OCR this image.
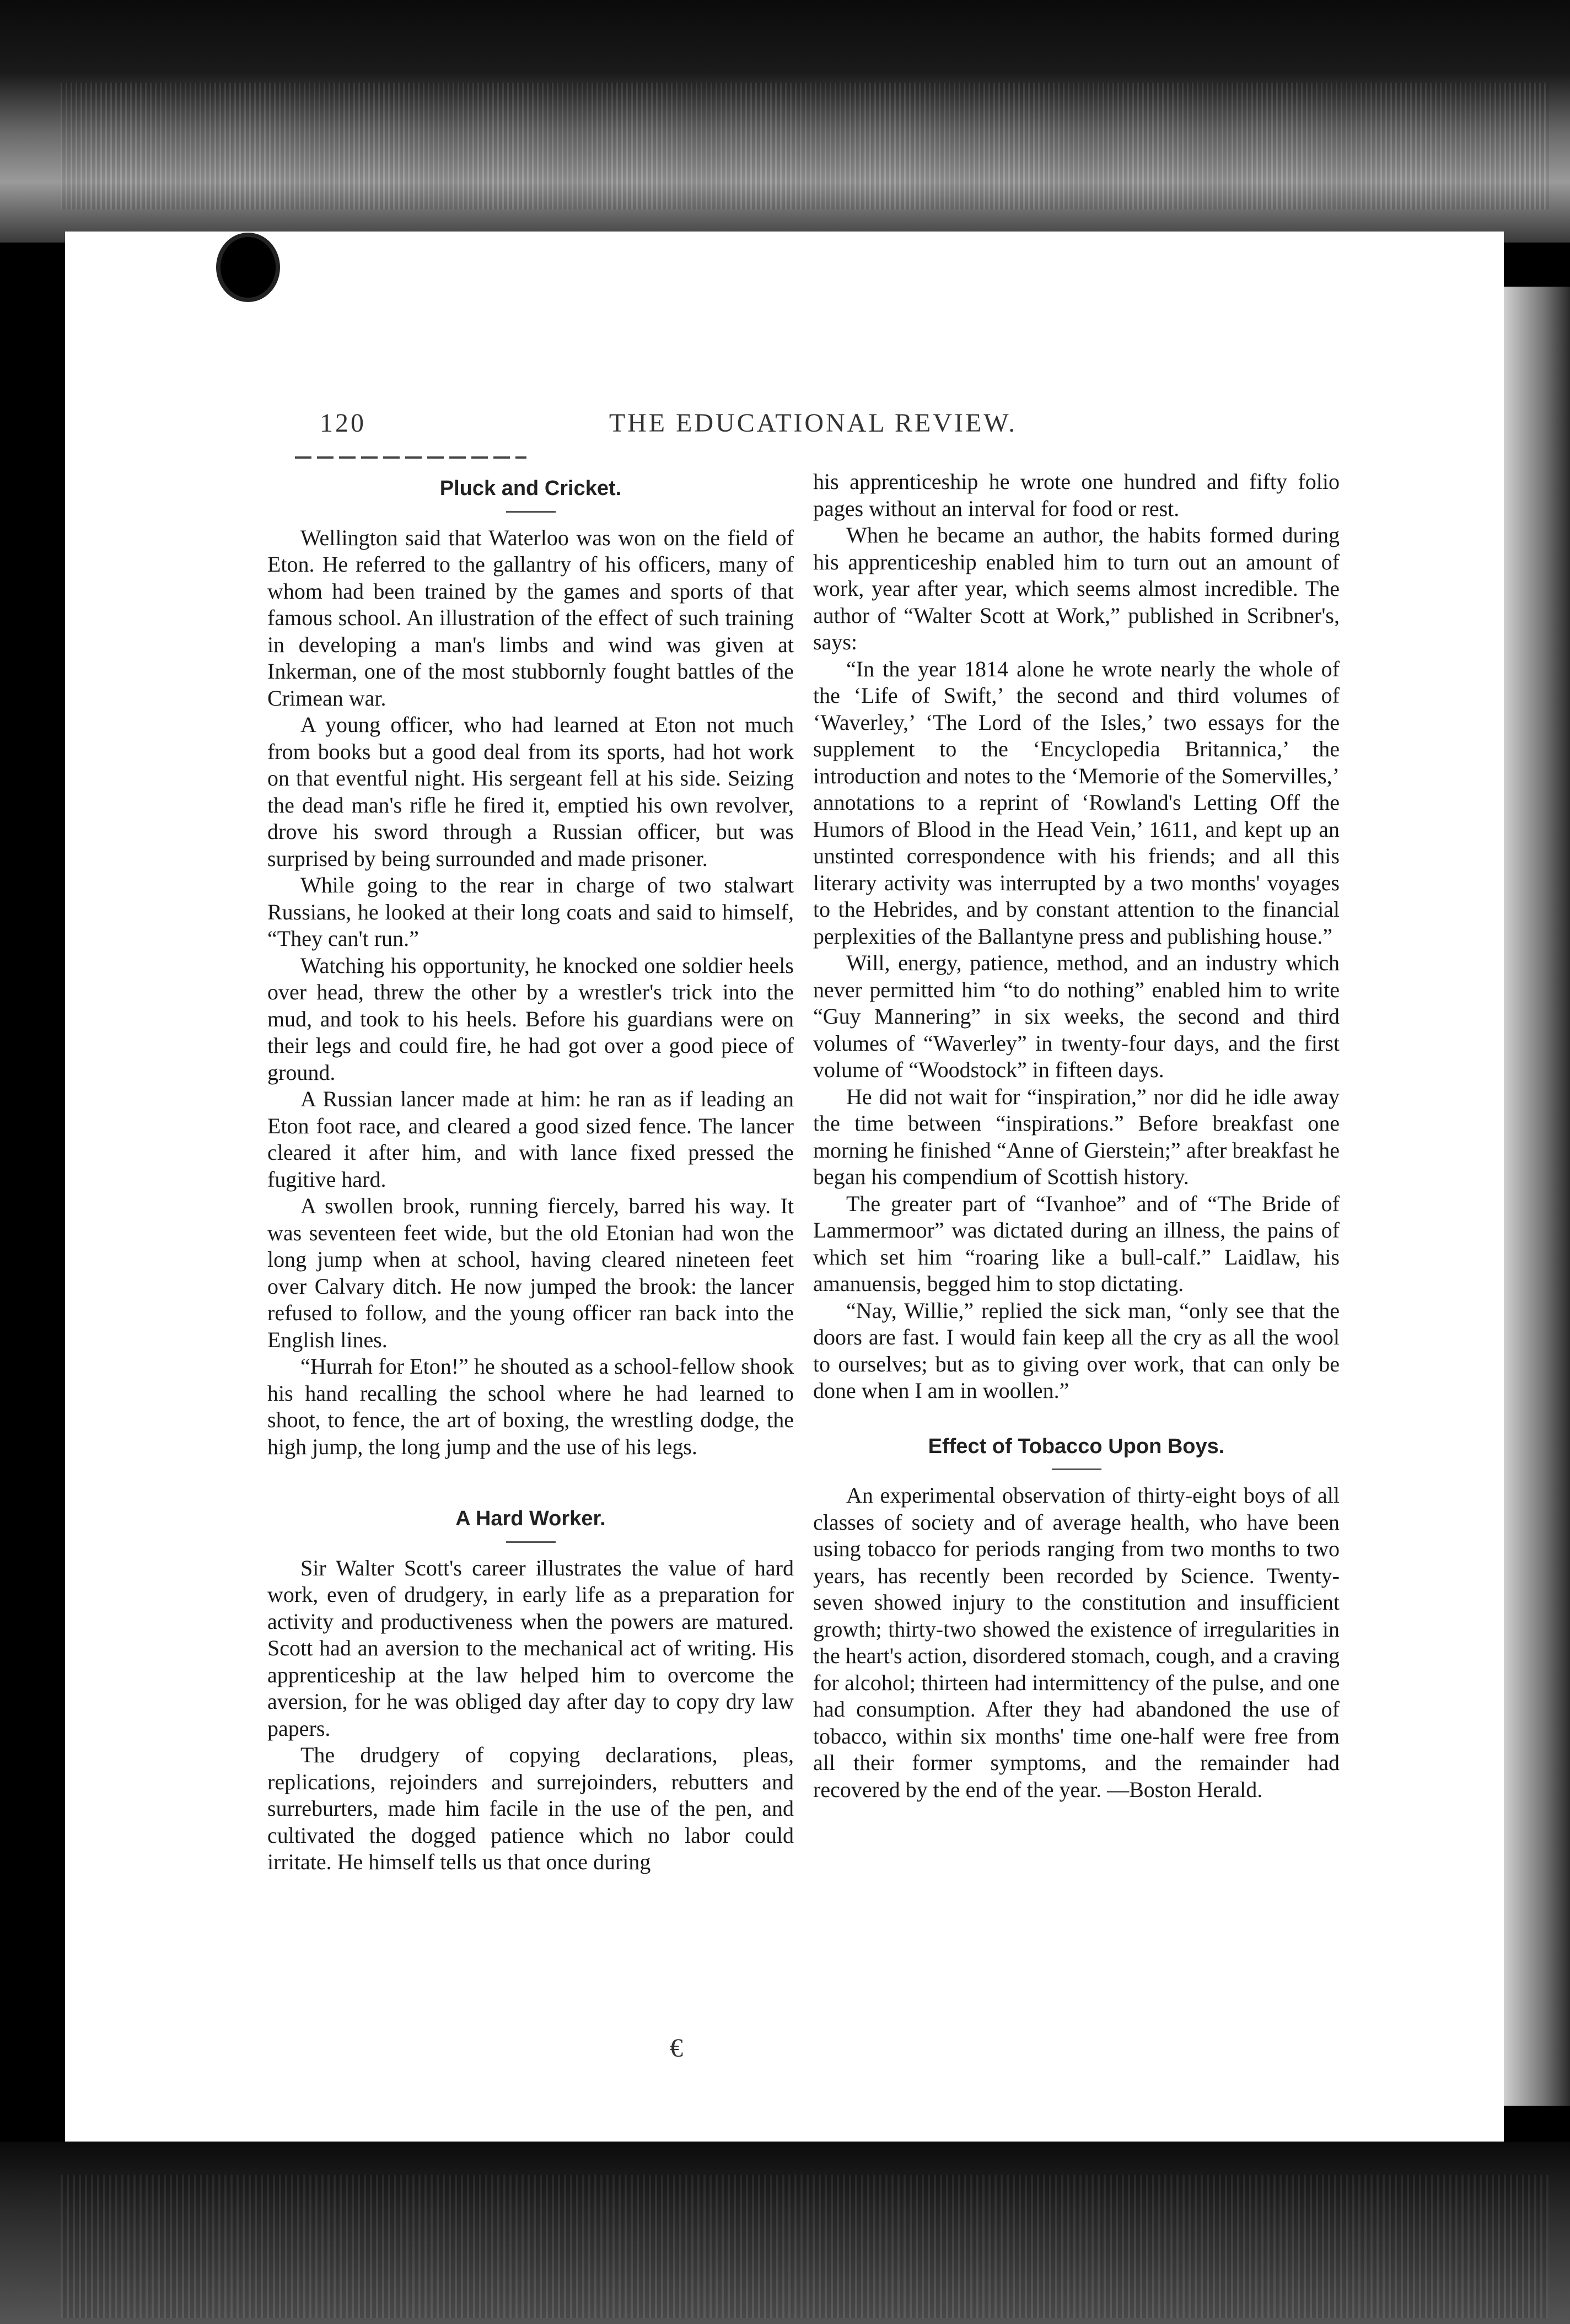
120	THE EDUCATIONAL REVIEW.
Pluck and Cricket.

Wellington said that Waterloo was won on the field of Eton. He referred to the gallantry of his officers, many of whom had been trained by the games and sports of that famous school. An illustration of the effect of such training in developing a man's limbs and wind was given at Inkerman, one of the most stubbornly fought battles of the Crimean war.

A young officer, who had learned at Eton not much from books but a good deal from its sports, had hot work on that eventful night. His sergeant fell at his side. Seizing the dead man's rifle he fired it, emptied his own revolver, drove his sword through a Russian officer, but was surprised by being surrounded and made prisoner.

While going to the rear in charge of two stalwart Russians, he looked at their long coats and said to himself, “They can't run.”

Watching his opportunity, he knocked one soldier heels over head, threw the other by a wrestler's trick into the mud, and took to his heels. Before his guardians were on their legs and could fire, he had got over a good piece of ground.

A Russian lancer made at him: he ran as if leading an Eton foot race, and cleared a good sized fence. The lancer cleared it after him, and with lance fixed pressed the fugitive hard.

A swollen brook, running fiercely, barred his way. It was seventeen feet wide, but the old Etonian had won the long jump when at school, having cleared nineteen feet over Calvary ditch. He now jumped the brook: the lancer refused to follow, and the young officer ran back into the English lines.

“Hurrah for Eton!” he shouted as a school-fellow shook his hand recalling the school where he had learned to shoot, to fence, the art of boxing, the wrestling dodge, the high jump, the long jump and the use of his legs.

A Hard Worker.

Sir Walter Scott's career illustrates the value of hard work, even of drudgery, in early life as a preparation for activity and productiveness when the powers are matured. Scott had an aversion to the mechanical act of writing. His apprenticeship at the law helped him to overcome the aversion, for he was obliged day after day to copy dry law papers.

The drudgery of copying declarations, pleas, replications, rejoinders and surrejoinders, rebutters and surreburters, made him facile in the use of the pen, and cultivated the dogged patience which no labor could irritate. He himself tells us that once during

his apprenticeship he wrote one hundred and fifty folio pages without an interval for food or rest.

When he became an author, the habits formed during his apprenticeship enabled him to turn out an amount of work, year after year, which seems almost incredible. The author of “Walter Scott at Work,” published in Scribner's, says:

“In the year 1814 alone he wrote nearly the whole of the ‘Life of Swift,’ the second and third volumes of ‘Waverley,’ ‘The Lord of the Isles,’ two essays for the supplement to the ‘Encyclopedia Britannica,’ the introduction and notes to the ‘Memorie of the Somervilles,’ annotations to a reprint of ‘Rowland's Letting Off the Humors of Blood in the Head Vein,’ 1611, and kept up an unstinted correspondence with his friends; and all this literary activity was interrupted by a two months' voyages to the Hebrides, and by constant attention to the financial perplexities of the Ballantyne press and publishing house.”

Will, energy, patience, method, and an industry which never permitted him “to do nothing” enabled him to write “Guy Mannering” in six weeks, the second and third volumes of “Waverley” in twenty-four days, and the first volume of “Woodstock” in fifteen days.

He did not wait for “inspiration,” nor did he idle away the time between “inspirations.” Before breakfast one morning he finished “Anne of Gierstein;” after breakfast he began his compendium of Scottish history.

The greater part of “Ivanhoe” and of “The Bride of Lammermoor” was dictated during an illness, the pains of which set him “roaring like a bull-calf.” Laidlaw, his amanuensis, begged him to stop dictating.

“Nay, Willie,” replied the sick man, “only see that the doors are fast. I would fain keep all the cry as all the wool to ourselves; but as to giving over work, that can only be done when I am in woollen.”

Effect of Tobacco Upon Boys.

An experimental observation of thirty-eight boys of all classes of society and of average health, who have been using tobacco for periods ranging from two months to two years, has recently been recorded by Science. Twenty-seven showed injury to the constitution and insufficient growth; thirty-two showed the existence of irregularities in the heart's action, disordered stomach, cough, and a craving for alcohol; thirteen had intermittency of the pulse, and one had consumption. After they had abandoned the use of tobacco, within six months' time one-half were free from all their former symptoms, and the remainder had recovered by the end of the year. —Boston Herald.

€
